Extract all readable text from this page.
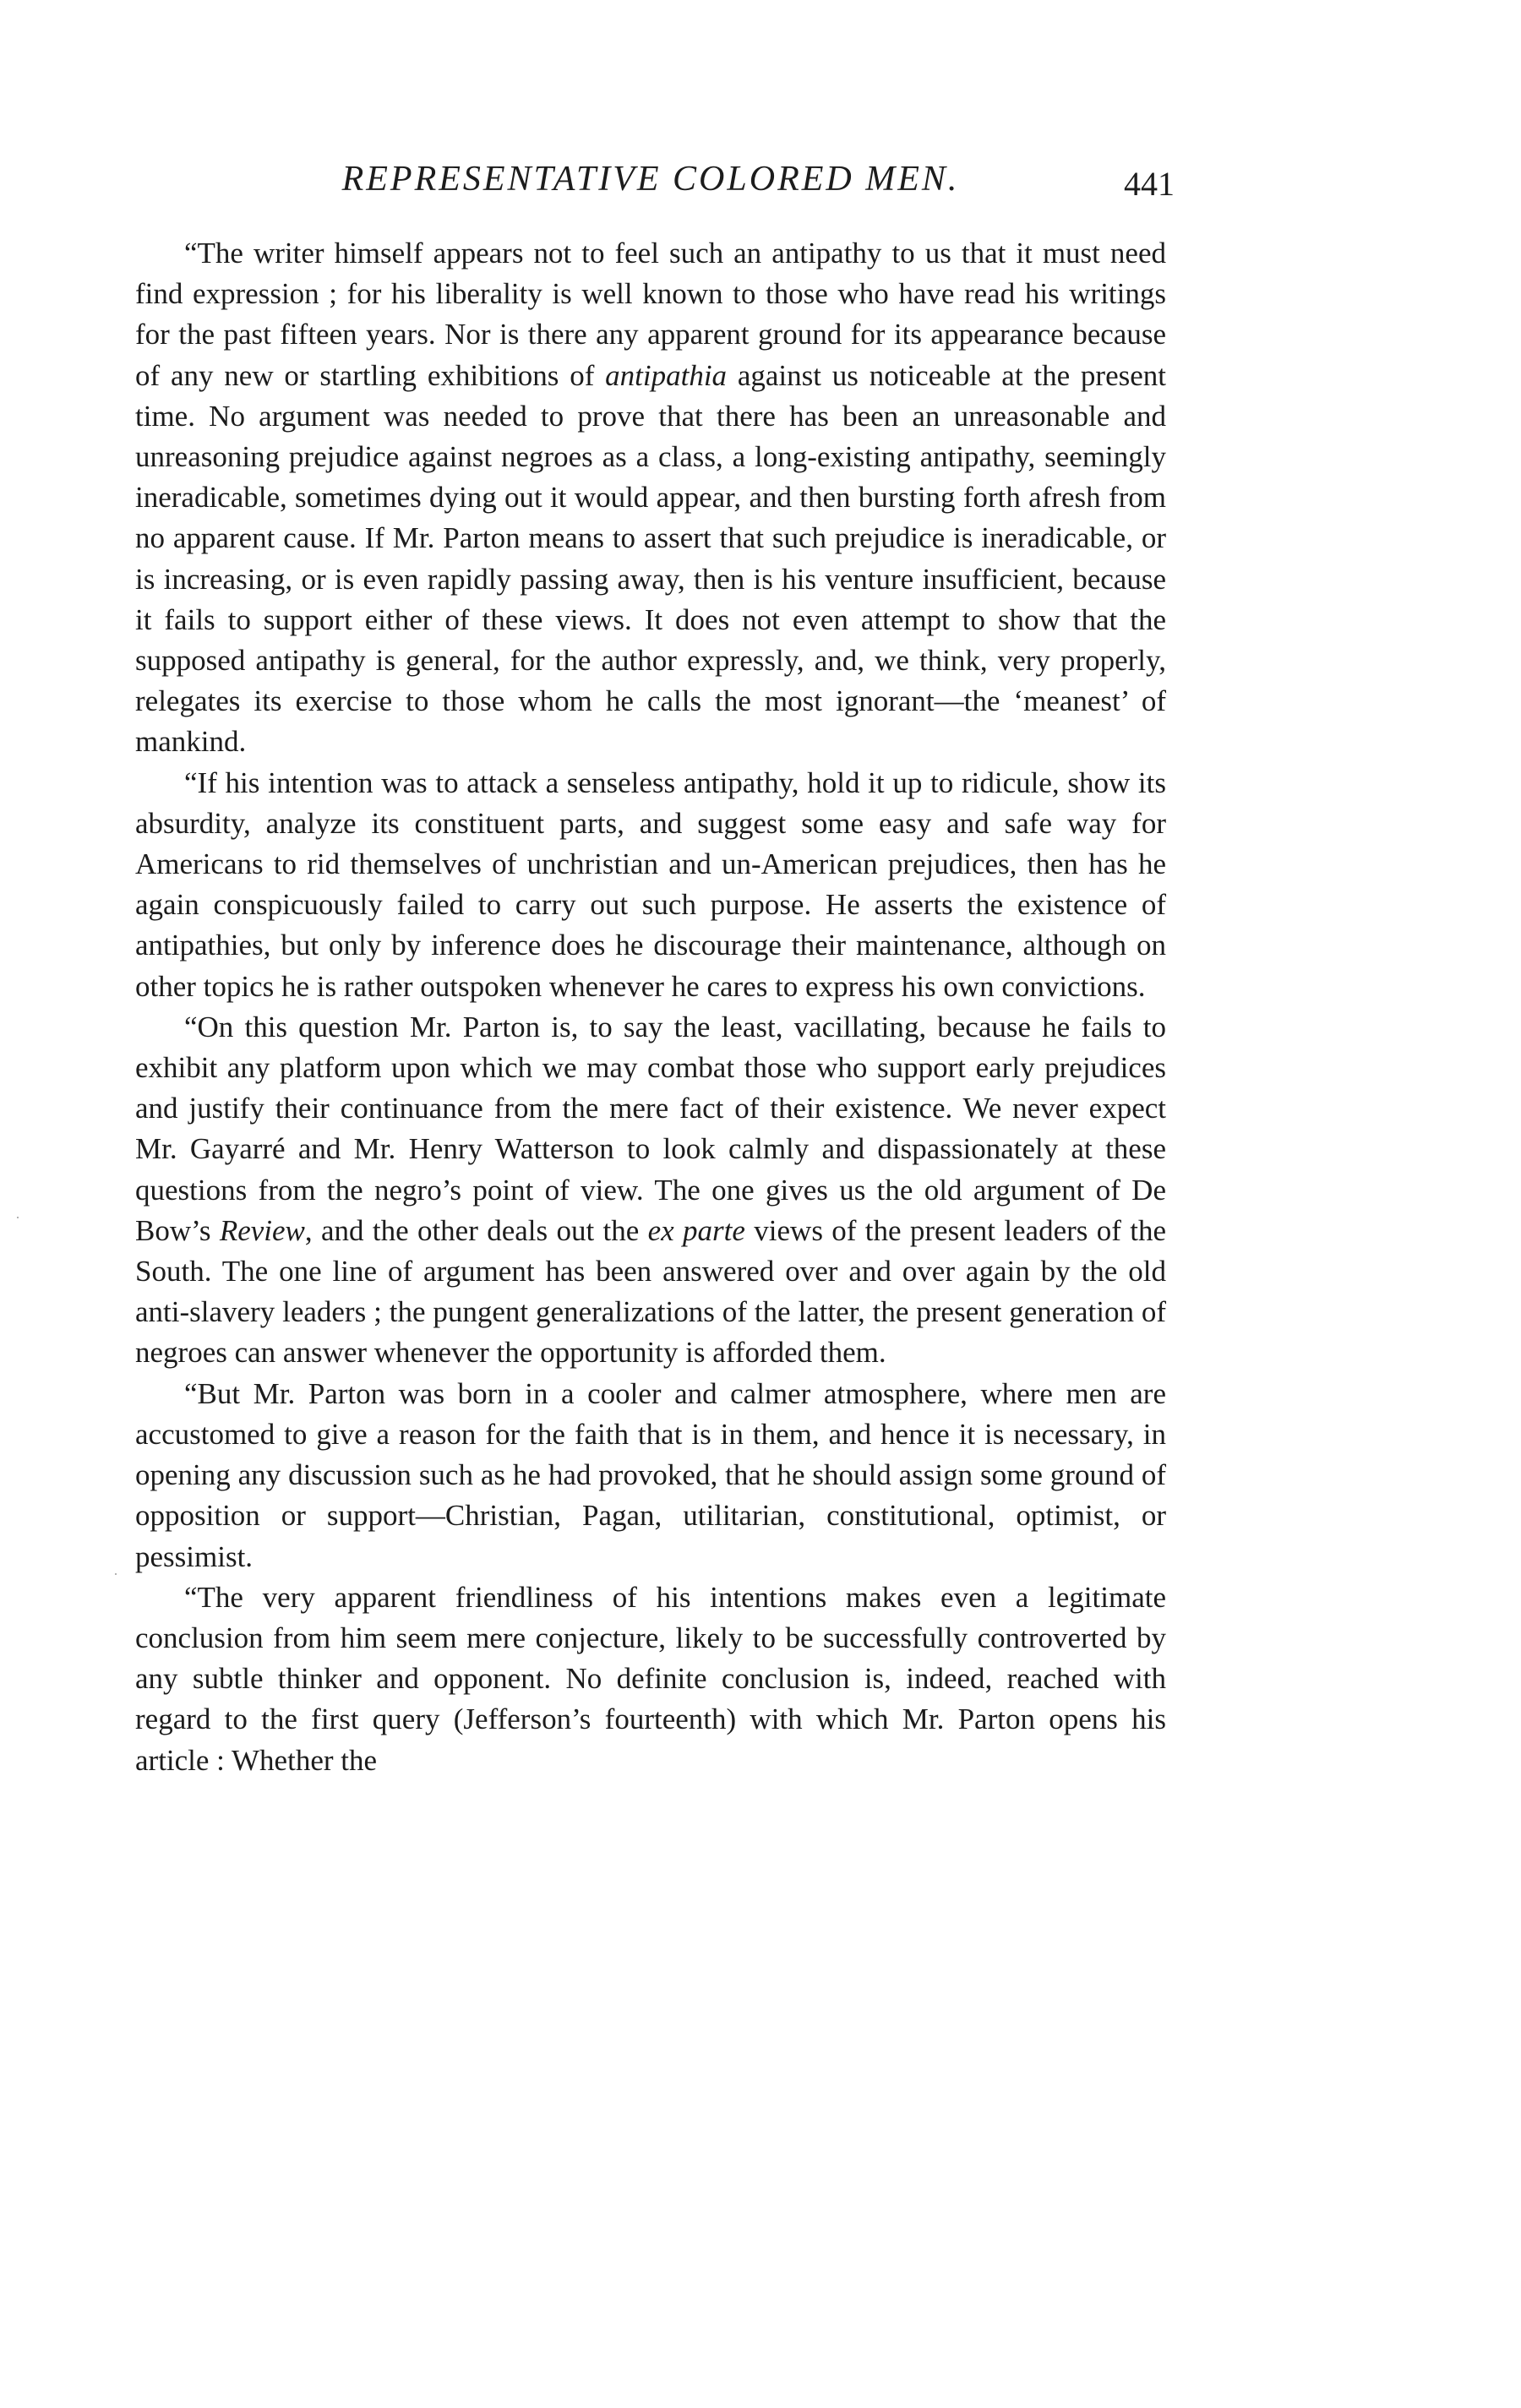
REPRESENTATIVE COLORED MEN.	441

“The writer himself appears not to feel such an antipathy to us that it must need find expression ; for his liberality is well known to those who have read his writings for the past fifteen years. Nor is there any apparent ground for its appearance because of any new or startling exhibitions of antipathia against us noticeable at the present time. No argument was needed to prove that there has been an unreasonable and unreasoning prejudice against negroes as a class, a long-existing antipathy, seemingly ineradicable, sometimes dying out it would appear, and then bursting forth afresh from no apparent cause. If Mr. Parton means to assert that such prejudice is ineradicable, or is increasing, or is even rapidly passing away, then is his venture insufficient, because it fails to support either of these views. It does not even attempt to show that the supposed antipathy is general, for the author expressly, and, we think, very properly, relegates its exercise to those whom he calls the most ignorant—the ‘meanest’ of mankind.

“If his intention was to attack a senseless antipathy, hold it up to ridicule, show its absurdity, analyze its constituent parts, and suggest some easy and safe way for Americans to rid themselves of unchristian and un-American prejudices, then has he again conspicuously failed to carry out such purpose. He asserts the existence of antipathies, but only by inference does he discourage their maintenance, although on other topics he is rather outspoken whenever he cares to express his own convictions.

“On this question Mr. Parton is, to say the least, vacillating, because he fails to exhibit any platform upon which we may combat those who support early prejudices and justify their continuance from the mere fact of their existence. We never expect Mr. Gayarré and Mr. Henry Watterson to look calmly and dispassionately at these questions from the negro’s point of view. The one gives us the old argument of De Bow’s Review, and the other deals out the ex parte views of the present leaders of the South. The one line of argument has been answered over and over again by the old anti-slavery leaders ; the pungent generalizations of the latter, the present generation of negroes can answer whenever the opportunity is afforded them.

“But Mr. Parton was born in a cooler and calmer atmosphere, where men are accustomed to give a reason for the faith that is in them, and hence it is necessary, in opening any discussion such as he had provoked, that he should assign some ground of opposition or support—Christian, Pagan, utilitarian, constitutional, optimist, or pessimist.

“The very apparent friendliness of his intentions makes even a legitimate conclusion from him seem mere conjecture, likely to be successfully controverted by any subtle thinker and opponent. No definite conclusion is, indeed, reached with regard to the first query (Jefferson’s fourteenth) with which Mr. Parton opens his article : Whether the
